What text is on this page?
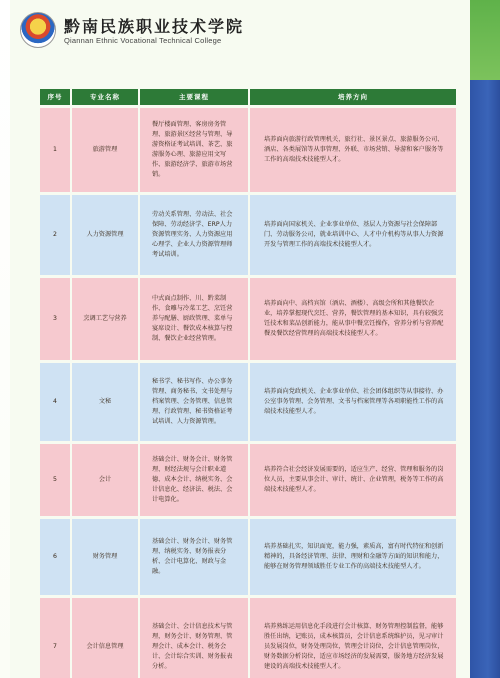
黔南民族职业技术学院
Qiannan Ethnic Vocational Technical College
序号	专业名称	主要课程	培养方向
1	旅游管理	餐厅楼面管理、客房房务管理、旅游景区经营与管理、导游资格证考试培训、茶艺、旅游服务心理、旅游应用文写作、旅游经济学、旅游市场营销。	培养面向旅游行政管理机关，旅行社、景区景点、旅游服务公司、酒店、各类展馆等从事管理、外联、市场营销、导游和客户服务等工作的高端技术技能型人才。
2	人力资源管理	劳动关系管理、劳动法、社会保障、劳动经济学、ERP人力资源管理实务、人力资源应用心理学、企业人力资源管理师考试培训。	培养面向国家机关、企业事业单位、基层人力资源与社会保障部门、劳动服务公司，就业培训中心、人才中介机构等从事人力资源开发与管理工作的高端技术技能型人才。
3	烹调工艺与营养	中式面点制作、川、黔菜制作、食雕与冷菜工艺、烹饪营养与配膳、厨政管理、菜单与宴席设计、餐饮成本核算与控制、餐饮企业经营管理。	培养面向中、高档宾馆（酒店、酒楼）、高级会所和其他餐饮企业，培养掌握现代烹饪、营养，餐饮管理的基本知识，具有较强烹饪技术和菜品创新能力，能从事中餐烹饪操作，营养分析与营养配餐及餐饮经营管理的高端技术技能型人才。
4	文秘	秘书学、秘书写作、办公事务管理、商务秘书、文书处理与档案管理、会务管理、信息管理、行政管理、秘书资格证考试培训、人力资源管理。	培养面向党政机关、企业事业单位、社会团体组织等从事接待、办公室事务管理、会务管理、文书与档案管理等各项职能性工作的高端技术技能型人才。
5	会计	基础会计、财务会计、财务管理、财经法规与会计职业道德、成本会计、纳税实务、会计信息化、经济法、税法、会计电算化。	培养符合社会经济发展需要的，适应生产、经营、管理和服务的岗位人员，主要从事会计、审计、统计、企业管理，税务等工作的高端技术技能型人才。
6	财务管理	基础会计、财务会计、财务管理、纳税实务、财务报表分析、会计电算化、财政与金融。	培养基础扎实，知识面宽，能力强，素质高，富有时代特征和创新精神的，具备经济管理、法律、理财和金融等方面的知识和能力，能够在财务管理领域胜任专业工作的高端技术技能型人才。
7	会计信息管理	基础会计、会计信息技术与管理，财务会计、财务管理、管理会计、成本会计、税务会计、会计综合实训、财务报表分析。	培养熟练运用信息化手段进行会计核算、财务管理控制监督，能够胜任出纳，记账员，成本核算员，会计信息系统维护员，见习审计员发展岗位，财务处理岗位，管理会计岗位，会计信息管理岗位，财务数据分析岗位，适应市场经济的发展需要，服务地方经济发展建设的高端技术技能型人才。
